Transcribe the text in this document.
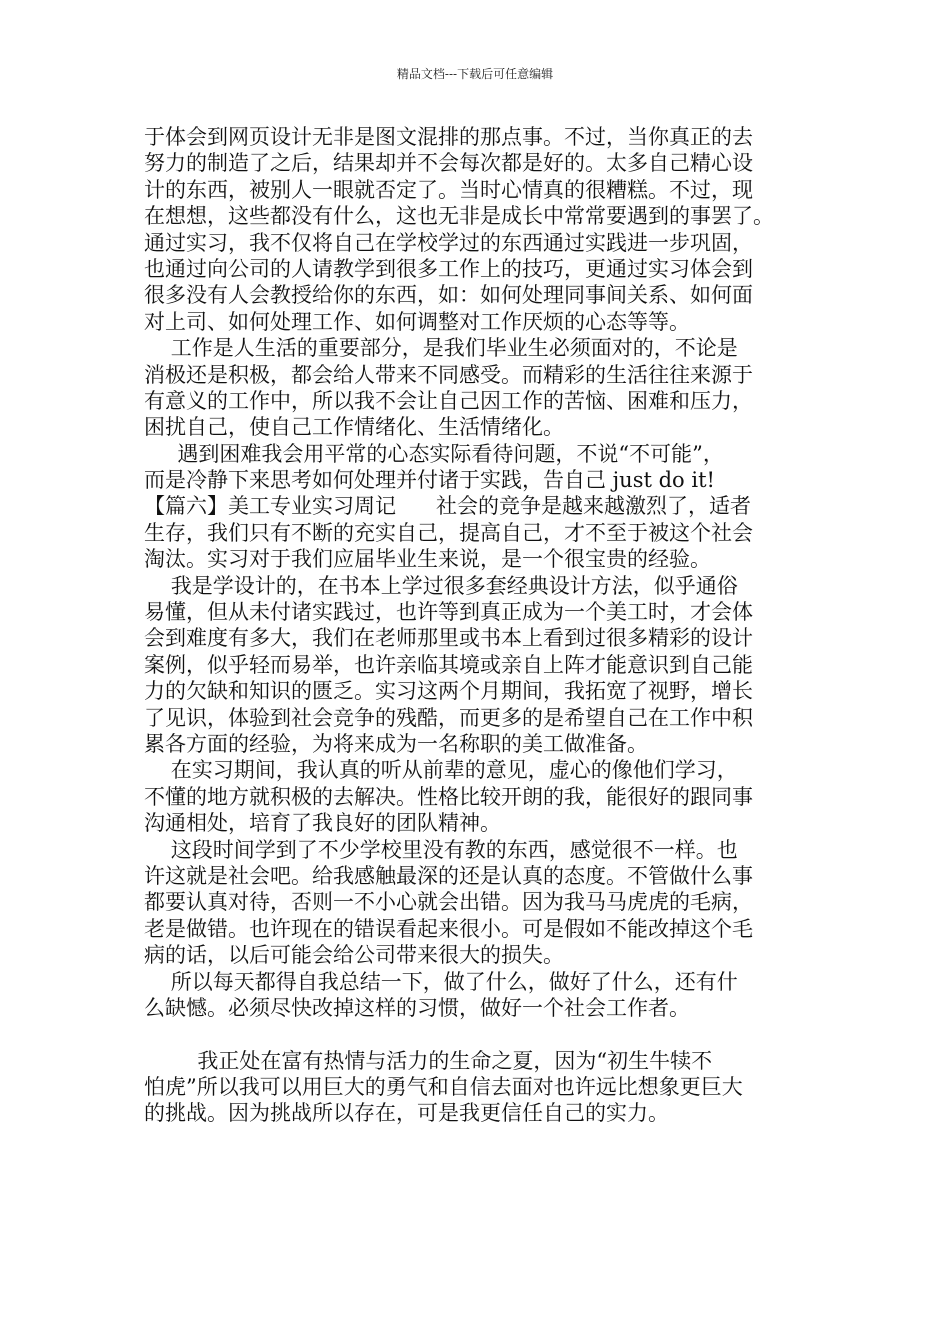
精品文档---下载后可任意编辑
于体会到网页设计无非是图文混排的那点事。不过，当你真正的去
努力的制造了之后，结果却并不会每次都是好的。太多自己精心设
计的东西，被别人一眼就否定了。当时心情真的很糟糕。不过，现
在想想，这些都没有什么，这也无非是成长中常常要遇到的事罢了。
通过实习，我不仅将自己在学校学过的东西通过实践进一步巩固，
也通过向公司的人请教学到很多工作上的技巧，更通过实习体会到
很多没有人会教授给你的东西，如：如何处理同事间关系、如何面
对上司、如何处理工作、如何调整对工作厌烦的心态等等。
工作是人生活的重要部分，是我们毕业生必须面对的，不论是
消极还是积极，都会给人带来不同感受。而精彩的生活往往来源于
有意义的工作中，所以我不会让自己因工作的苦恼、困难和压力，
困扰自己，使自己工作情绪化、生活情绪化。
遇到困难我会用平常的心态实际看待问题，不说“不可能”，
而是冷静下来思考如何处理并付诸于实践，告自己 just do it!
【篇六】美工专业实习周记      社会的竞争是越来越激烈了，适者
生存，我们只有不断的充实自己，提高自己，才不至于被这个社会
淘汰。实习对于我们应届毕业生来说，是一个很宝贵的经验。
我是学设计的，在书本上学过很多套经典设计方法，似乎通俗
易懂，但从未付诸实践过，也许等到真正成为一个美工时，才会体
会到难度有多大，我们在老师那里或书本上看到过很多精彩的设计
案例，似乎轻而易举，也许亲临其境或亲自上阵才能意识到自己能
力的欠缺和知识的匮乏。实习这两个月期间，我拓宽了视野，增长
了见识，体验到社会竞争的残酷，而更多的是希望自己在工作中积
累各方面的经验，为将来成为一名称职的美工做准备。
在实习期间，我认真的听从前辈的意见，虚心的像他们学习，
不懂的地方就积极的去解决。性格比较开朗的我，能很好的跟同事
沟通相处，培育了我良好的团队精神。
这段时间学到了不少学校里没有教的东西，感觉很不一样。也
许这就是社会吧。给我感触最深的还是认真的态度。不管做什么事
都要认真对待，否则一不小心就会出错。因为我马马虎虎的毛病，
老是做错。也许现在的错误看起来很小。可是假如不能改掉这个毛
病的话，以后可能会给公司带来很大的损失。
所以每天都得自我总结一下，做了什么，做好了什么，还有什
么缺憾。必须尽快改掉这样的习惯，做好一个社会工作者。
我正处在富有热情与活力的生命之夏，因为“初生牛犊不
怕虎”所以我可以用巨大的勇气和自信去面对也许远比想象更巨大
的挑战。因为挑战所以存在，可是我更信任自己的实力。
